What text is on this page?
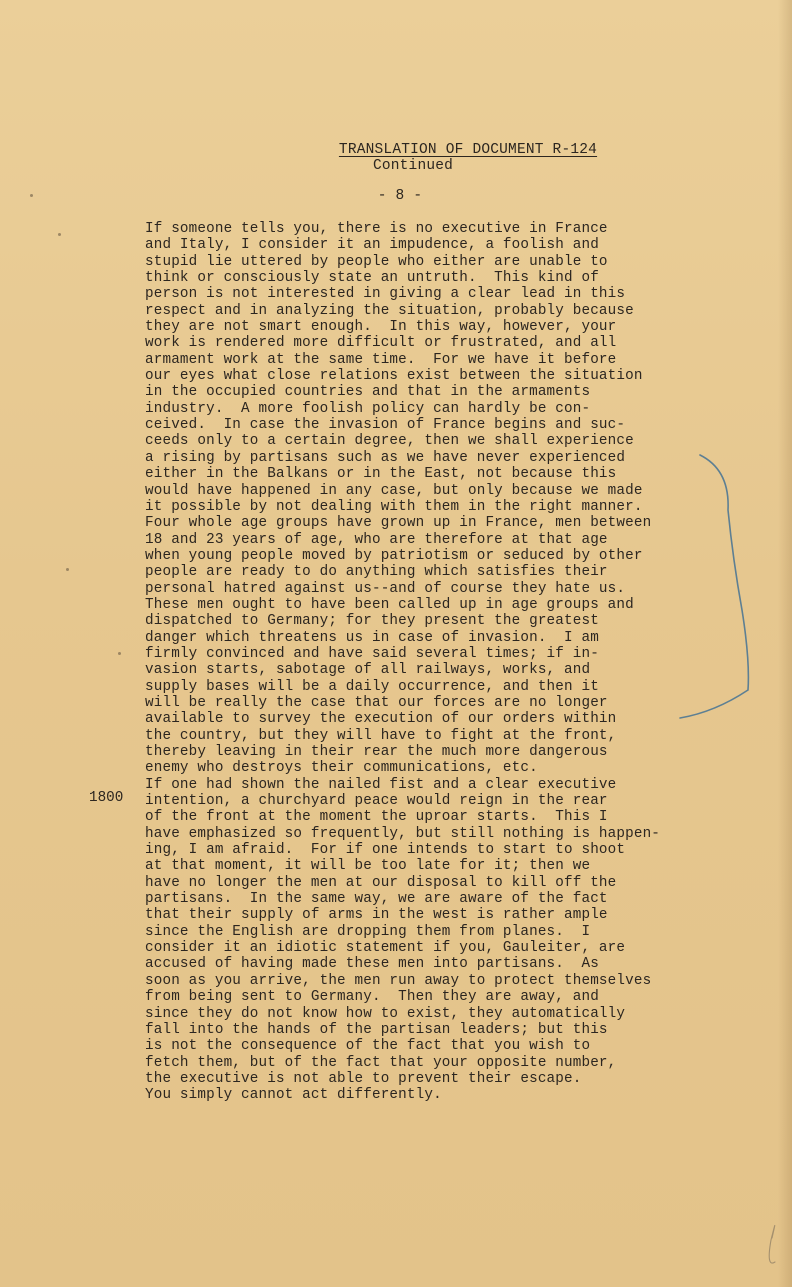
TRANSLATION OF DOCUMENT R-124
Continued
- 8 -
1800
If someone tells you, there is no executive in France
and Italy, I consider it an impudence, a foolish and
stupid lie uttered by people who either are unable to
think or consciously state an untruth.  This kind of
person is not interested in giving a clear lead in this
respect and in analyzing the situation, probably because
they are not smart enough.  In this way, however, your
work is rendered more difficult or frustrated, and all
armament work at the same time.  For we have it before
our eyes what close relations exist between the situation
in the occupied countries and that in the armaments
industry.  A more foolish policy can hardly be con-
ceived.  In case the invasion of France begins and suc-
ceeds only to a certain degree, then we shall experience
a rising by partisans such as we have never experienced
either in the Balkans or in the East, not because this
would have happened in any case, but only because we made
it possible by not dealing with them in the right manner.
Four whole age groups have grown up in France, men between
18 and 23 years of age, who are therefore at that age
when young people moved by patriotism or seduced by other
people are ready to do anything which satisfies their
personal hatred against us--and of course they hate us.
These men ought to have been called up in age groups and
dispatched to Germany; for they present the greatest
danger which threatens us in case of invasion.  I am
firmly convinced and have said several times; if in-
vasion starts, sabotage of all railways, works, and
supply bases will be a daily occurrence, and then it
will be really the case that our forces are no longer
available to survey the execution of our orders within
the country, but they will have to fight at the front,
thereby leaving in their rear the much more dangerous
enemy who destroys their communications, etc.
If one had shown the nailed fist and a clear executive
intention, a churchyard peace would reign in the rear
of the front at the moment the uproar starts.  This I
have emphasized so frequently, but still nothing is happen-
ing, I am afraid.  For if one intends to start to shoot
at that moment, it will be too late for it; then we
have no longer the men at our disposal to kill off the
partisans.  In the same way, we are aware of the fact
that their supply of arms in the west is rather ample
since the English are dropping them from planes.  I
consider it an idiotic statement if you, Gauleiter, are
accused of having made these men into partisans.  As
soon as you arrive, the men run away to protect themselves
from being sent to Germany.  Then they are away, and
since they do not know how to exist, they automatically
fall into the hands of the partisan leaders; but this
is not the consequence of the fact that you wish to
fetch them, but of the fact that your opposite number,
the executive is not able to prevent their escape.
You simply cannot act differently.
